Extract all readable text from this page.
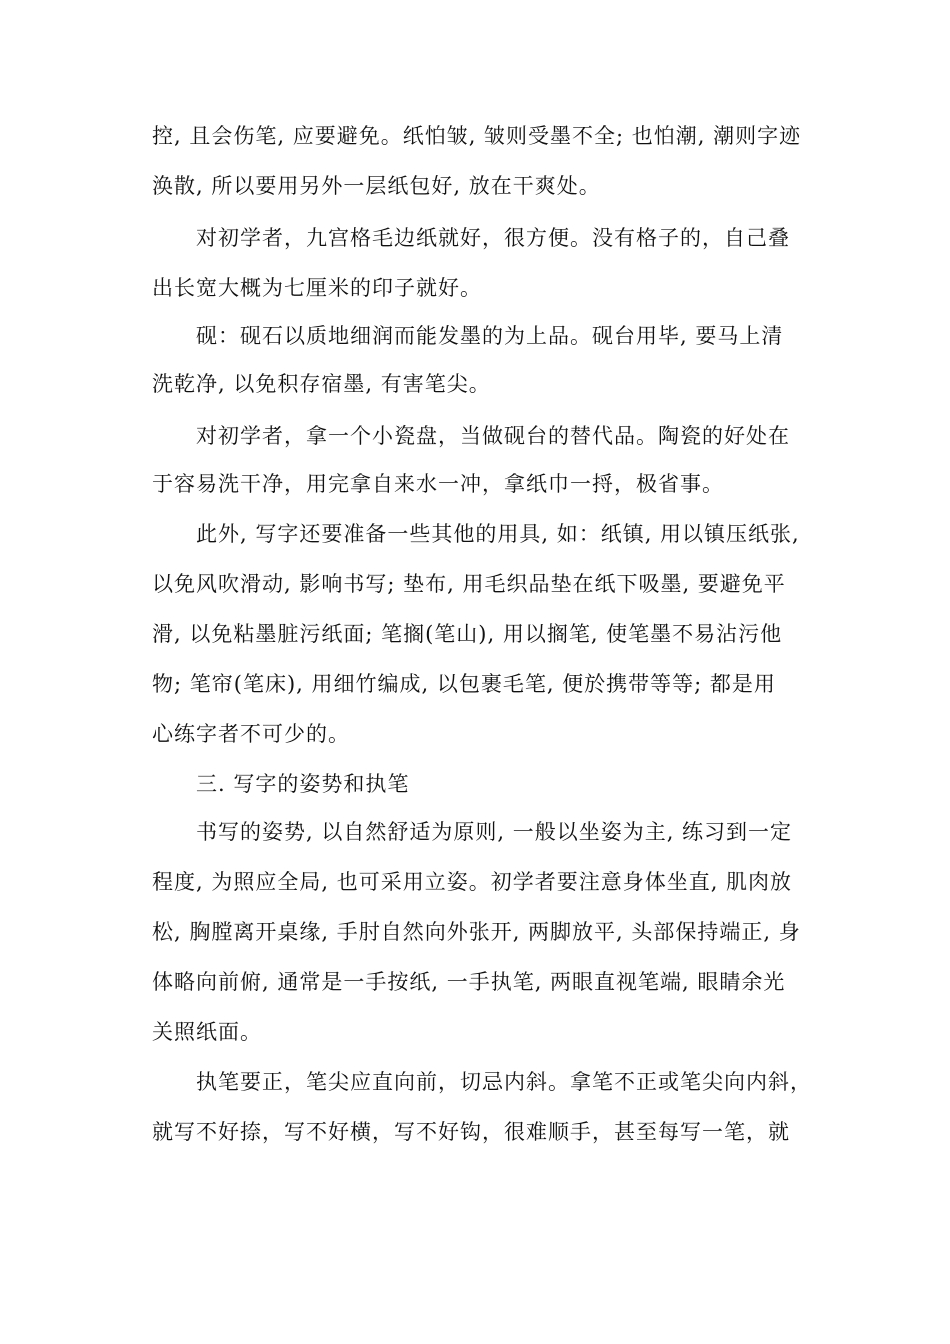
控, 且会伤笔, 应要避免。纸怕皱, 皱则受墨不全; 也怕潮, 潮则字迹
涣散, 所以要用另外一层纸包好, 放在干爽处。
对初学者，九宫格毛边纸就好，很方便。没有格子的，自己叠
出长宽大概为七厘米的印子就好。
砚：砚石以质地细润而能发墨的为上品。砚台用毕, 要马上清
洗乾净, 以免积存宿墨, 有害笔尖。
对初学者，拿一个小瓷盘，当做砚台的替代品。陶瓷的好处在
于容易洗干净，用完拿自来水一冲，拿纸巾一捋，极省事。
此外, 写字还要准备一些其他的用具, 如：纸镇, 用以镇压纸张,
以免风吹滑动, 影响书写; 垫布, 用毛织品垫在纸下吸墨, 要避免平
滑, 以免粘墨脏污纸面; 笔搁(笔山), 用以搁笔, 使笔墨不易沾污他
物; 笔帘(笔床), 用细竹编成, 以包裹毛笔, 便於携带等等; 都是用
心练字者不可少的。
三. 写字的姿势和执笔
书写的姿势, 以自然舒适为原则, 一般以坐姿为主, 练习到一定
程度, 为照应全局, 也可采用立姿。初学者要注意身体坐直, 肌肉放
松, 胸膛离开桌缘, 手肘自然向外张开, 两脚放平, 头部保持端正, 身
体略向前俯, 通常是一手按纸, 一手执笔, 两眼直视笔端, 眼睛余光
关照纸面。
执笔要正，笔尖应直向前，切忌内斜。拿笔不正或笔尖向内斜，
就写不好捺，写不好横，写不好钩，很难顺手，甚至每写一笔，就
